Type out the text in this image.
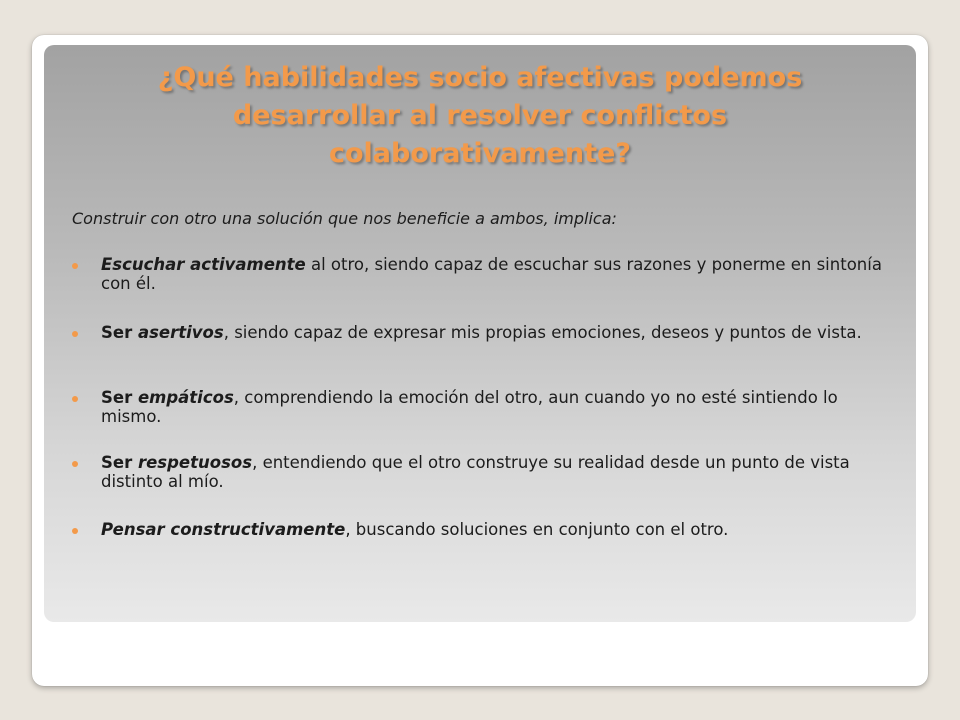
¿Qué habilidades socio afectivas podemos
desarrollar al resolver conflictos
colaborativamente?

Construir con otro una solución que nos beneficie a ambos, implica:

Escuchar activamente al otro, siendo capaz de escuchar sus razones y ponerme en sintonía con él.
Ser asertivos, siendo capaz de expresar mis propias emociones, deseos y puntos de vista.
Ser empáticos, comprendiendo la emoción del otro, aun cuando yo no esté sintiendo lo mismo.
Ser respetuosos, entendiendo que el otro construye su realidad desde un punto de vista distinto al mío.
Pensar constructivamente, buscando soluciones en conjunto con el otro.
